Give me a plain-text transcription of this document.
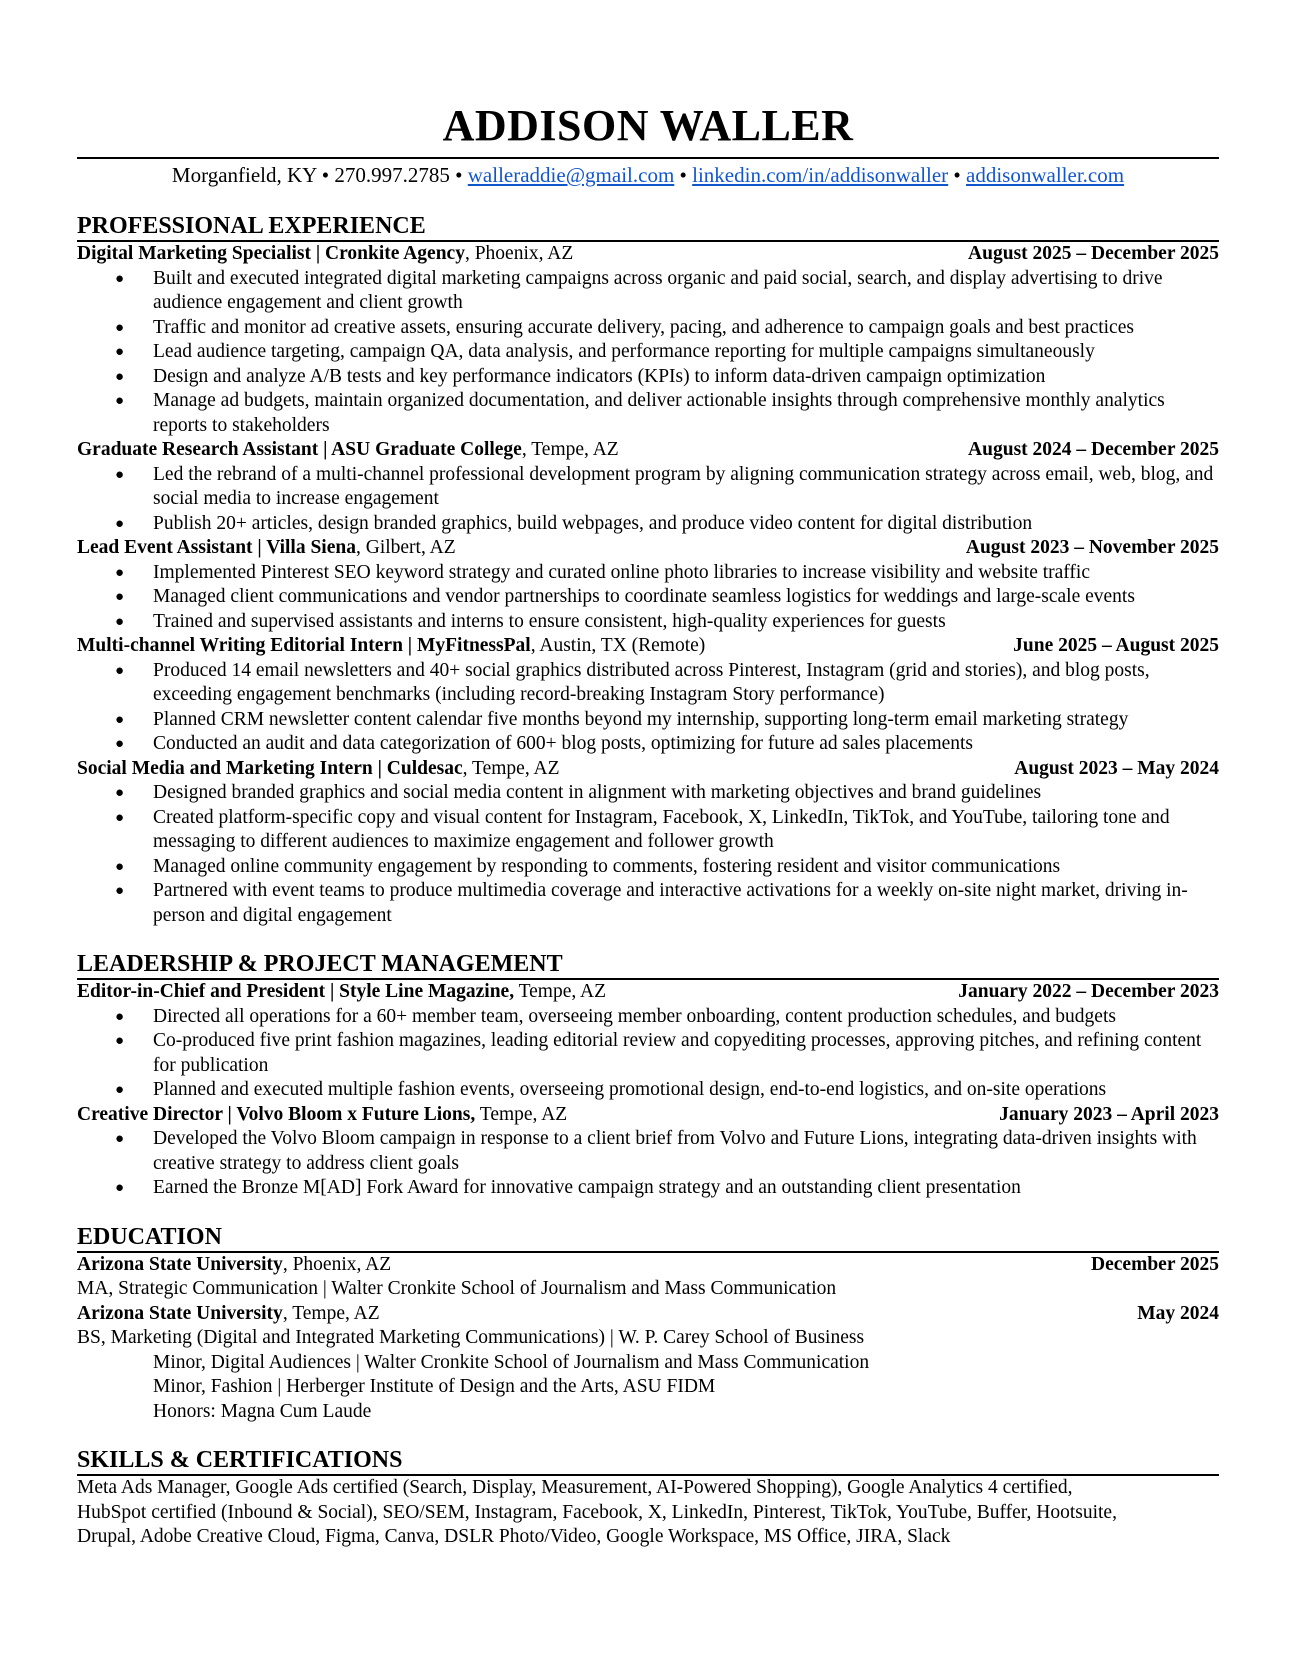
ADDISON WALLER
Morganfield, KY • 270.997.2785 • walleraddie@gmail.com • linkedin.com/in/addisonwaller • addisonwaller.com
PROFESSIONAL EXPERIENCE
Digital Marketing Specialist | Cronkite Agency, Phoenix, AZ	August 2025 – December 2025
● Built and executed integrated digital marketing campaigns across organic and paid social, search, and display advertising to drive audience engagement and client growth
● Traffic and monitor ad creative assets, ensuring accurate delivery, pacing, and adherence to campaign goals and best practices
● Lead audience targeting, campaign QA, data analysis, and performance reporting for multiple campaigns simultaneously
● Design and analyze A/B tests and key performance indicators (KPIs) to inform data-driven campaign optimization
● Manage ad budgets, maintain organized documentation, and deliver actionable insights through comprehensive monthly analytics reports to stakeholders
Graduate Research Assistant | ASU Graduate College, Tempe, AZ	August 2024 – December 2025
● Led the rebrand of a multi-channel professional development program by aligning communication strategy across email, web, blog, and social media to increase engagement
● Publish 20+ articles, design branded graphics, build webpages, and produce video content for digital distribution
Lead Event Assistant | Villa Siena, Gilbert, AZ	August 2023 – November 2025
● Implemented Pinterest SEO keyword strategy and curated online photo libraries to increase visibility and website traffic
● Managed client communications and vendor partnerships to coordinate seamless logistics for weddings and large-scale events
● Trained and supervised assistants and interns to ensure consistent, high-quality experiences for guests
Multi-channel Writing Editorial Intern | MyFitnessPal, Austin, TX (Remote)	June 2025 – August 2025
● Produced 14 email newsletters and 40+ social graphics distributed across Pinterest, Instagram (grid and stories), and blog posts, exceeding engagement benchmarks (including record-breaking Instagram Story performance)
● Planned CRM newsletter content calendar five months beyond my internship, supporting long-term email marketing strategy
● Conducted an audit and data categorization of 600+ blog posts, optimizing for future ad sales placements
Social Media and Marketing Intern | Culdesac, Tempe, AZ	August 2023 – May 2024
● Designed branded graphics and social media content in alignment with marketing objectives and brand guidelines
● Created platform-specific copy and visual content for Instagram, Facebook, X, LinkedIn, TikTok, and YouTube, tailoring tone and messaging to different audiences to maximize engagement and follower growth
● Managed online community engagement by responding to comments, fostering resident and visitor communications
● Partnered with event teams to produce multimedia coverage and interactive activations for a weekly on-site night market, driving in-person and digital engagement
LEADERSHIP & PROJECT MANAGEMENT
Editor-in-Chief and President | Style Line Magazine, Tempe, AZ	January 2022 – December 2023
● Directed all operations for a 60+ member team, overseeing member onboarding, content production schedules, and budgets
● Co-produced five print fashion magazines, leading editorial review and copyediting processes, approving pitches, and refining content for publication
● Planned and executed multiple fashion events, overseeing promotional design, end-to-end logistics, and on-site operations
Creative Director | Volvo Bloom x Future Lions, Tempe, AZ	January 2023 – April 2023
● Developed the Volvo Bloom campaign in response to a client brief from Volvo and Future Lions, integrating data-driven insights with creative strategy to address client goals
● Earned the Bronze M[AD] Fork Award for innovative campaign strategy and an outstanding client presentation
EDUCATION
Arizona State University, Phoenix, AZ	December 2025
MA, Strategic Communication | Walter Cronkite School of Journalism and Mass Communication
Arizona State University, Tempe, AZ	May 2024
BS, Marketing (Digital and Integrated Marketing Communications) | W. P. Carey School of Business
Minor, Digital Audiences | Walter Cronkite School of Journalism and Mass Communication
Minor, Fashion | Herberger Institute of Design and the Arts, ASU FIDM
Honors: Magna Cum Laude
SKILLS & CERTIFICATIONS
Meta Ads Manager, Google Ads certified (Search, Display, Measurement, AI-Powered Shopping), Google Analytics 4 certified,
HubSpot certified (Inbound & Social), SEO/SEM, Instagram, Facebook, X, LinkedIn, Pinterest, TikTok, YouTube, Buffer, Hootsuite,
Drupal, Adobe Creative Cloud, Figma, Canva, DSLR Photo/Video, Google Workspace, MS Office, JIRA, Slack
